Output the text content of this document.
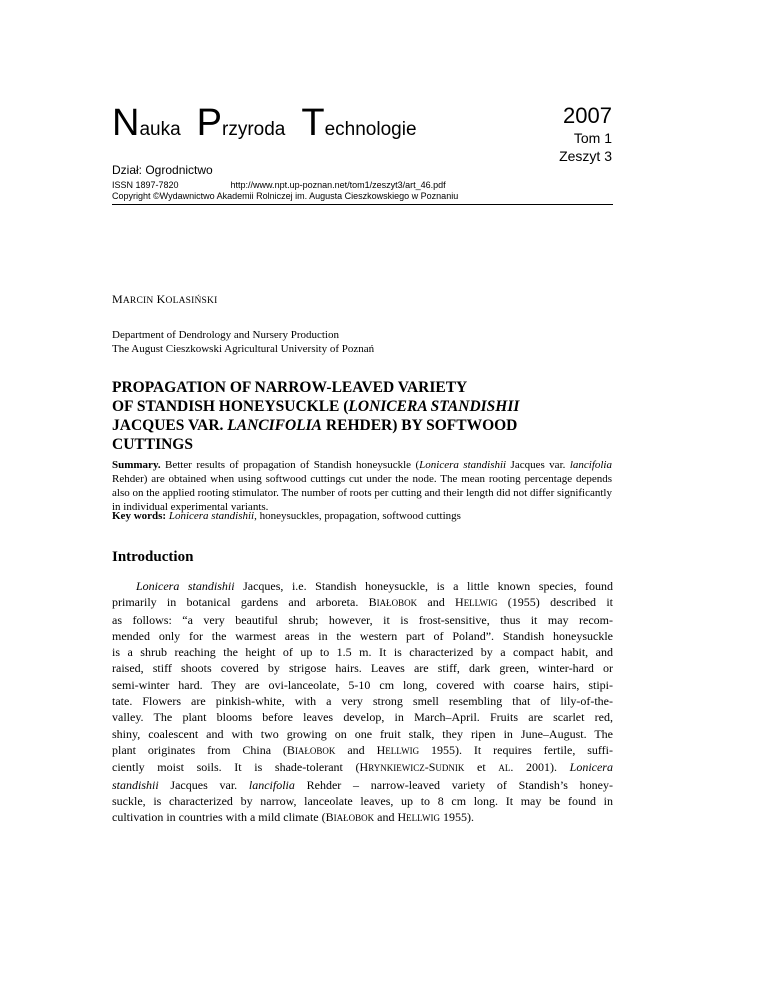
Nauka Przyroda Technologie
2007
Tom 1
Zeszyt 3
Dział: Ogrodnictwo
ISSN 1897-7820	http://www.npt.up-poznan.net/tom1/zeszyt3/art_46.pdf
Copyright ©Wydawnictwo Akademii Rolniczej im. Augusta Cieszkowskiego w Poznaniu
MARCIN KOLASIŃSKI
Department of Dendrology and Nursery Production
The August Cieszkowski Agricultural University of Poznań
PROPAGATION OF NARROW-LEAVED VARIETY
OF STANDISH HONEYSUCKLE (LONICERA STANDISHII
JACQUES VAR. LANCIFOLIA REHDER) BY SOFTWOOD
CUTTINGS
Summary. Better results of propagation of Standish honeysuckle (Lonicera standishii Jacques var. lancifolia Rehder) are obtained when using softwood cuttings cut under the node. The mean rooting percentage depends also on the applied rooting stimulator. The number of roots per cutting and their length did not differ significantly in individual experimental variants.
Key words: Lonicera standishii, honeysuckles, propagation, softwood cuttings
Introduction
Lonicera standishii Jacques, i.e. Standish honeysuckle, is a little known species, found
primarily in botanical gardens and arboreta. BIAŁOBOK and HELLWIG (1955) described it
as follows: “a very beautiful shrub; however, it is frost-sensitive, thus it may recom-
mended only for the warmest areas in the western part of Poland”. Standish honeysuckle
is a shrub reaching the height of up to 1.5 m. It is characterized by a compact habit, and
raised, stiff shoots covered by strigose hairs. Leaves are stiff, dark green, winter-hard or
semi-winter hard. They are ovi-lanceolate, 5-10 cm long, covered with coarse hairs, stipi-
tate. Flowers are pinkish-white, with a very strong smell resembling that of lily-of-the-
valley. The plant blooms before leaves develop, in March–April. Fruits are scarlet red,
shiny, coalescent and with two growing on one fruit stalk, they ripen in June–August. The
plant originates from China (BIAŁOBOK and HELLWIG 1955). It requires fertile, suffi-
ciently moist soils. It is shade-tolerant (HRYNKIEWICZ-SUDNIK et AL. 2001). Lonicera
standishii Jacques var. lancifolia Rehder – narrow-leaved variety of Standish’s honey-
suckle, is characterized by narrow, lanceolate leaves, up to 8 cm long. It may be found in
cultivation in countries with a mild climate (BIAŁOBOK and HELLWIG 1955).
